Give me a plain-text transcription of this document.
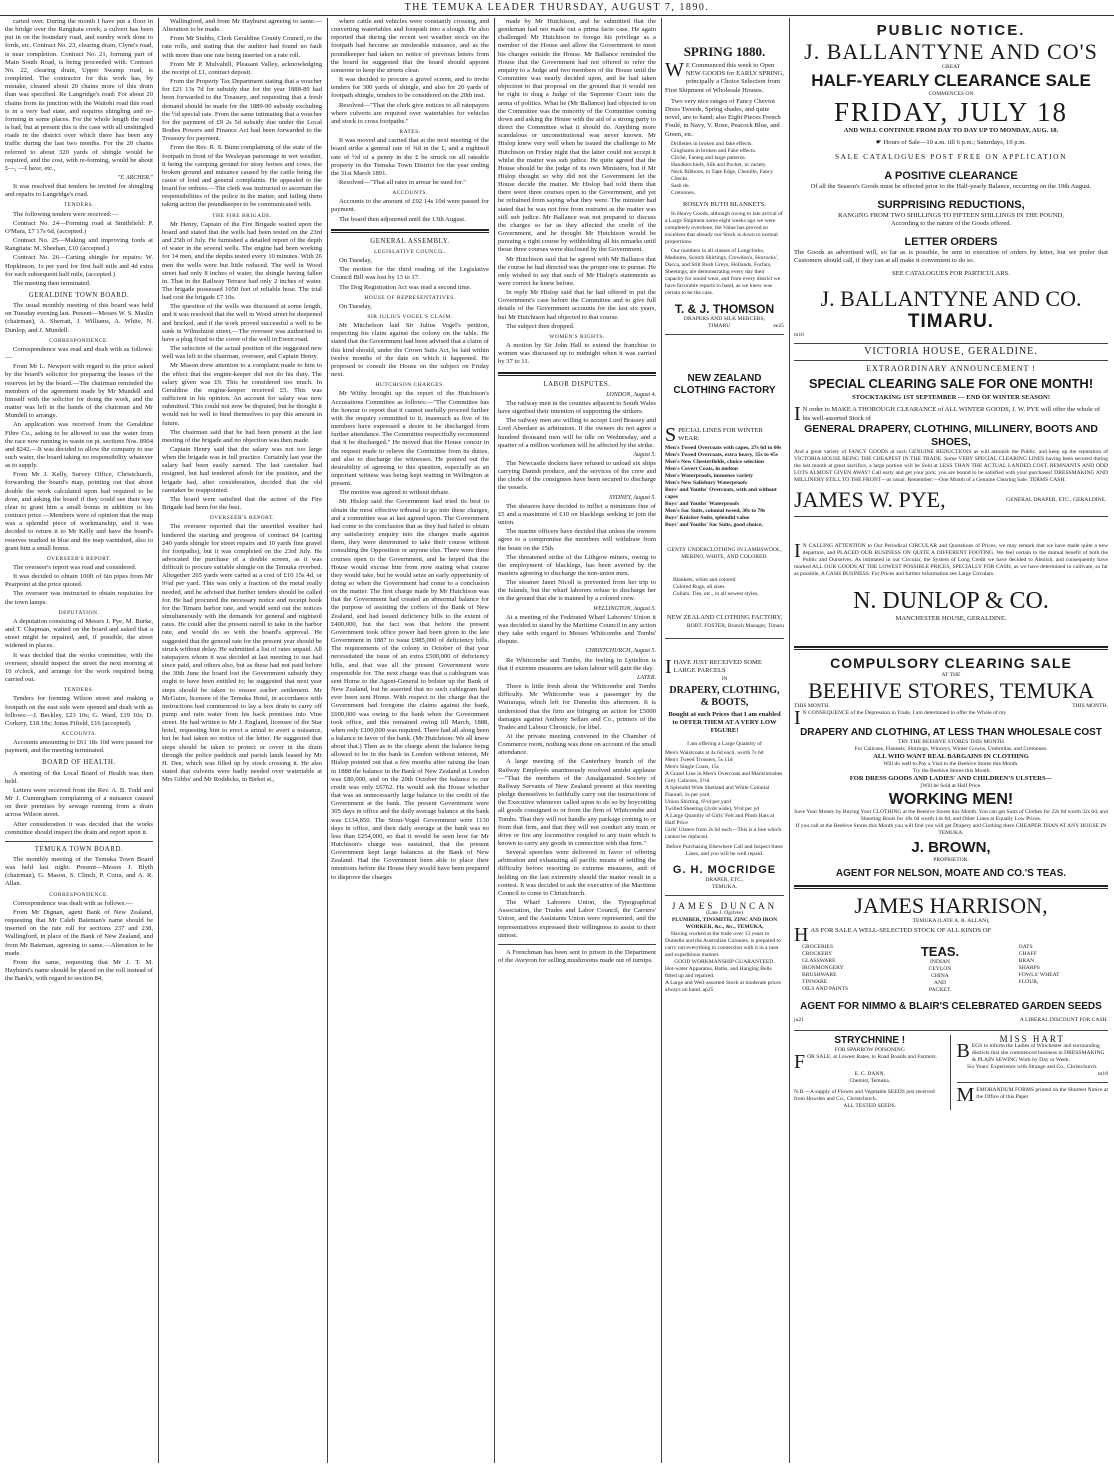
THE TEMUKA LEADER THURSDAY, AUGUST 7, 1890.

carted over. During the month I have put a floor in the bridge over the Rangitata creek, a culvert has been put in on the boundary road, and sundry work done to fords, etc. Contract No. 23, clearing drain, Clyne's road, is near completion. Contract No. 21, forming part of Main South Road, is being proceeded with. Contract No. 22, clearing drain, Upper Swamp road, is completed. The contractor for this work has, by mistake, cleaned about 20 chains more of this drain than was specified. Re Langridge's road: For about 20 chains from its junction with the Waitohi road this road is in a very bad state, and requires shingling and re-forming in some places. For the whole length the road is bad, but at present this is the case with all unshingled roads in the district over which there has been any traffic during the last two months. For the 20 chains referred to about 320 yards of shingle would be required, and the cost, with re-forming, would be about £—, —I have, etc.,

"F. ARCHER."

It was resolved that tenders be invited for shingling and repairs to Langridge's road.

TENDERS.

The following tenders were received:—

Contract No. 24—Forming road at Smithfield: P. O'Mara, £7 17s 6d, (accepted.)

Contract No. 25—Making and improving fords at Rangitata: M. Sheehan, £10 (accepted.)

Contract No. 26—Carting shingle for repairs: W. Hopkinson, 1s per yard for first half mile and 4d extra for each subsequent half mile, (accepted.)

The meeting then terminated.

GERALDINE TOWN BOARD.

The usual monthly meeting of this board was held on Tuesday evening last. Present—Messrs W. S. Maslin (chairman), A. Sherratt, J. Williams, A. White, N. Dunlop, and J. Mundell.

CORRESPONDENCE.

Correspondence was read and dealt with as follows:—

From Mr L. Newport with regard to the price asked by the board's solicitor for preparing the leases of the reserves let by the board.—The chairman reminded the members of the agreement made by Mr Mundell and himself with the solicitor for doing the work, and the matter was left in the hands of the chairman and Mr Mundell to arrange.

An application was received from the Geraldine Fibre Co., asking to be allowed to use the water from the race now running to waste on pt. sections Nos. 8904 and 8242.—It was decided to allow the company to use such water, the board taking no responsibility whatever as to supply.

From Mr J. Kelly, Survey Office, Christchurch, forwarding the board's map, pointing out that about double the work calculated upon had required to be done, and asking the board if they could see their way clear to grant him a small bonus in addition to his contract price.—Members were of opinion that the map was a splendid piece of workmanship, and it was decided to return it to Mr Kelly and have the board's reserves marked in blue and the map varnished, also to grant him a small bonus.

OVERSEER'S REPORT.

The overseer's report was read and considered.

It was decided to obtain 100ft of 6in pipes from Mr Pearpoint at the price quoted.

The overseer was instructed to obtain requisites for the town lamps.

DEPUTATION.

A deputation consisting of Messrs J. Pye, M. Burke, and T. Chapman, waited on the board and asked that a street might be repaired, and, if possible, the street widened in places.

It was decided that the works committee, with the overseer, should inspect the street the next morning at 10 o'clock, and arrange for the work required being carried out.

TENDERS.

Tenders for forming Wilson street and making a footpath on the east side were opened and dealt with as follows:—J. Beckley, £23 10s; G. Ward, £19 10s; D. Corkery, £18 18s; Jonas Fifield, £16 (accepted).

ACCOUNTS.

Accounts amounting to £61 18s 10d were passed for payment, and the meeting terminated.

BOARD OF HEALTH.

A meeting of the Local Board of Health was then held.

Letters were received from the Rev. A. B. Todd and Mr J. Cunningham complaining of a nuisance caused on their premises by sewage running from a drain across Wilson street.

After consideration it was decided that the works committee should inspect the drain and report upon it.

TEMUKA TOWN BOARD.

The monthly meeting of the Temuka Town Board was held last night. Present—Messrs J. Blyth (chairman), G. Mason, S. Clinch, P. Coira, and A. R. Allan.

CORRESPONDENCE.

Correspondence was dealt with as follows:—

From Mr Dignan, agent Bank of New Zealand, requesting that Mr Caleb Bateman's name should be inserted on the rate roll for sections 237 and 238, Wallingford, in place of the Bank of New Zealand, and from Mr Bateman, agreeing to same.—Alteration to be made.

From the same, requesting that Mr J. T. M. Hayhurst's name should be placed on the roll instead of the Bank's, with regard to section 84,

Wallingford, and from Mr Hayhurst agreeing to same.—Alteration to be made.

From Mr Stubbs, Clerk Geraldine County Council, re the rate rolls, and stating that the auditor had found no fault with more than one rate being inserted on a rate roll.

From Mr P. Mulvahill, Pleasant Valley, acknowledging the receipt of £1, contract deposit.

From the Property Tax Department stating that a voucher for £21 13s 7d for subsidy due for the year 1888-89 had been forwarded to the Treasury, and requesting that a fresh demand should be made for the 1889-90 subsidy excluding the ½d special rate. From the same intimating that a voucher for the payment of £9 2s 5d subsidy due under the Local Bodies Powers and Finance Act had been forwarded to the Treasury for payment.

From the Rev. R. S. Bunn complaining of the state of the footpath in front of the Wesleyan parsonage in wet weather, it being the camping ground for stray horses and cows, the broken ground and nuisance caused by the cattle being the cause of loud and general complaints. He appealed to the board for redress.—The clerk was instructed to ascertain the responsibilities of the police in the matter, and failing them taking action the poundkeeper to be communicated with.

THE FIRE BRIGADE.

Mr Henry, Captain of the Fire Brigade waited upon the board and stated that the wells had been tested on the 23rd and 25th of July. He furnished a detailed report of the depth of water in the several wells. The engine had been working for 14 men, and the depths tested every 10 minutes. With 26 men the wells were but little reduced. The well in Wood street had only 8 inches of water, the shingle having fallen in. That in the Railway Terrace had only 2 inches of water. The brigade possessed 1050 feet of reliable hose. The trial had cost the brigade £7 10s.

The question of the wells was discussed at some length, and it was resolved that the well in Wood street be deepened and bricked, and if the work proved successful a well to be sunk in Wilmshurst street,—The overseer was authorised to have a plug fixed to the cover of the well in Ewen road.

The selection of the actual position of the suggested new well was left to the chairman, overseer, and Captain Henry.

Mr Mason drew attention to a complaint made to him to the effect that the engine-keeper did not do his duty. The salary given was £9. This he considered too much. In Geraldine the engine-keeper received £5. This was sufficient in his opinion. An account for salary was now submitted. This could not now be disputed, but he thought it would not be well to bind themselves to pay this amount in future.

The chairman said that he had been present at the last meeting of the brigade and no objection was then made.

Captain Henry said that the salary was not too large when the brigade was in full practice. Certainly last year the salary had been easily earned. The last caretaker had resigned, but had tendered afresh for the position, and the brigade had, after consideration, decided that the old caretaker be reappointed.

The board were satisfied that the action of the Fire Brigade had been for the best.

OVERSEER'S REPORT.

The overseer reported that the unsettled weather had hindered the starting and progress of contract 84 (carting 240 yards shingle for street repairs and 10 yards fine gravel for footpaths), but it was completed on the 23rd July. He advocated the purchase of a double screen, as it was difficult to procure suitable shingle on the Temuka riverbed. Altogether 265 yards were carted at a cost of £10 15s 4d, or 9¼d per yard. This was only a fraction of the metal really needed, and he advised that further tenders should be called for. He had procured the necessary notice and receipt book for the Timaru harbor rate, and would send out the notices simultaneously with the demands for general and nightsoil rates. He could alter the present ratroll to take in the harbor rate, and would do so with the board's approval. He suggested that the general rate for the present year should be struck without delay. He submitted a list of rates unpaid. All ratepayers whom it was decided at last meeting to sue had since paid, and others also, but as these had not paid before the 30th June the board lost the Government subsidy they ought to have been entitled to; he suggested that next year steps should be taken to ensure earlier settlement. Mr McGuire, licensee of the Temuka Hotel, in accordance with instructions had commenced to lay a box drain to carry off pump and rain water from his back premises into Vine street. He had written to Mr J. England, licensee of the Star hotel, requesting him to erect a urinal to avert a nuisance, but he had taken no notice of the letter. He suggested that steps should be taken to protect or cover in the drain through the police paddock and parish lands leased by Mr H. Dee, which was filled up by stock crossing it. He also stated that culverts were badly needed over watertable at Mrs Gibbs' and Mr Roddicks, in Birket st.,

where cattle and vehicles were constantly crossing, and converting watertables and footpath into a slough. He also reported that during the recent wet weather stock on the footpath had become an intolerable nuisance, and as the poundkeeper had taken no notice of previous letters from the board he suggested that the board should appoint someone to keep the streets clear.

It was decided to procure a gravel screen, and to invite tenders for 300 yards of shingle, and also for 20 yards of footpath shingle, tenders to be considered on the 20th inst.

Resolved—"That the clerk give notices to all ratepayers where culverts are required over watertables for vehicles and stock to cross footpaths."

RATES.

It was moved and carried that at the next meeting of the board strike a general rate of ¾d in the £, and a nightsoil rate of ½d of a penny in the £ be struck on all rateable property in the Temuka Town District for the year ending the 31st March 1891.

Resolved—"That all rates in arrear be sued for."

ACCOUNTS.

Accounts to the amount of £92 14s 10d were passed for payment.

The board then adjourned until the 13th August.

GENERAL ASSEMBLY.
LEGISLATIVE COUNCIL.

On Tuesday,

The motion for the third reading of the Legislative Council Bill was lost by 13 to 17.

The Dog Registration Act was read a second time.

HOUSE OF REPRESENTATIVES.

On Tuesday,

SIR JULIUS VOGEL'S CLAIM.

Mr Mitchelson laid Sir Julius Vogel's petition, respecting his claim against the colony on the table. He stated that the Government had been advised that a claim of this kind should, under the Crown Suits Act, be laid within twelve months of the date on which it happened. He proposed to consult the House on the subject on Friday next.

HUTCHISON CHARGES.

Mr Withy brought up the report of the Hutchison's Accusations Committee as follows:—"The Committee has the honour to report that it cannot usefully proceed further with the enquiry committed to it, inasmuch as five of its members have expressed a desire to be discharged from further attendance. The Committee respectfully recommend that it be discharged." He moved that the House concur in the request made to relieve the Committee from its duties, and also to discharge the witnesses. He pointed out the desirability of agreeing to this question, especially as an important witness was being kept waiting in Wellington at present.

The motion was agreed to without debate.

Mr Hislop said the Government had tried its best to obtain the most effective tribunal to go into these charges, and a committee was at last agreed upon. The Government had come to the conclusion that as they had failed to obtain any satisfactory enquiry into the charges made against them, they were determined to take their course without consulting the Opposition or anyone else. There were three courses open to the Government, and he hoped that the House would excuse him from now stating what course they would take, but he would seize an early opportunity of doing so when the Government had come to a conclusion on the matter. The first charge made by Mr Hutchison was that the Government had created an abnormal balance for the purpose of assisting the coffers of the Bank of New Zealand, and had issued deficiency bills to the extent of £400,000, but the fact was that before the present Government took office power had been given to the late Government in 1887 to issue £985,000 of deficiency bills. The requirements of the colony in October of that year necessitated the issue of an extra £500,000 of deficiency bills, and that was all the present Government were responsible for. The next charge was that a cablegram was sent Home to the Agent-General to bolster up the Bank of New Zealand, but he asserted that no such cablegram had ever been sent Home. With respect to the charge that the Government had foregone the claims against the bank, £600,000 was owing to the bank when the Government took office, and this remained owing till March, 1888, when only £100,000 was required. There had all along been a balance in favor of the bank. (Mr Hutchison: We all know about that.) Then as to the charge about the balance being allowed to be in the bank in London without interest, Mr Hislop pointed out that a few months after raising the loan in 1888 the balance in the Bank of New Zealand at London was £80,000, and on the 20th October the balance to our credit was only £6762. He would ask the House whether that was an unnecessarily large balance to the credit of the Government at the bank. The present Government were 305 days in office and the daily average balance at the bank was £134,850. The Stout-Vogel Government were 1130 days in office, and their daily average at the bank was no less than £254,000, so that it would be seen how far Mr Hutchison's charge was sustained, that the present Government kept large balances at the Bank of New Zealand. Had the Government been able to place their intentions before the House they would have been prepared to disprove the charges

made by Mr Hutchison, and he submitted that the gentleman had not made out a prima facie case. He again challenged Mr Hutchison to forego his privilege as a member of the House and allow the Government to meet his charges outside the House. Mr Ballance reminded the House that the Government had not offered to refer the enquiry to a Judge and two members of the House until the Committee was nearly decided upon, and he had taken objection to that proposal on the ground that it would not be right to drag a Judge of the Supreme Court into the arena of politics. What he (Mr Ballance) had objected to on the Committee was the minority of the Committee coming down and asking the House with the aid of a strong party to direct the Committee what it should do. Anything more scandalous or unconstitutional was never known. Mr Hislop knew very well when he issued the challenge to Mr Hutchison on Friday night that the latter could not accept it whilst the matter was sub judice. He quite agreed that the House should be the judge of its own Ministers, but if Mr Hislop thought so why did not the Government let the House decide the matter. Mr Hislop had told them that there were three courses open to the Government, and yet he refrained from saying what they were. The minister had stated that he was not free from restraint as the matter was still sub judice. Mr Ballance was not prepared to discuss the charges so far as they affected the credit of the Government, and he thought Mr Hutchison would be pursuing a right course by withholding all his remarks until those three courses were disclosed by the Government.

Mr Hutchison said that he agreed with Mr Ballance that the course he had directed was the proper one to pursue. He only wished to say that such of Mr Hislop's statements as were correct he knew before.

In reply Mr Hislop said that he had offered to put the Government's case before the Committee and to give full details of the Government accounts for the last six years, but Mr Hutchison had objected to that course.

The subject then dropped.

WOMEN'S RIGHTS.

A motion by Sir John Hall to extend the franchise to women was discussed up to midnight when it was carried by 37 to 11.

LABOR DISPUTES.
LONDON, August 4.

The railway men in the counties adjacent to South Wales have signified their intention of supporting the strikers.

The railway men are willing to accept Lord Brassey and Lord Aberdare as arbitrators. If the owners do not agree a hundred thousand men will be idle on Wednesday, and a quarter of a million workmen will be affected by the strike.

August 5.

The Newcastle dockers have refused to unload six ships carrying Danish produce, and the services of the crew and the clerks of the consignees have been secured to discharge the vessels.

SYDNEY, August 5.

The shearers have decided to inflict a minimum fine of £5 and a maximum of £10 on blacklegs seeking to join the union.

The marine officers have decided that unless the owners agree to a compromise the members will withdraw from the boats on the 15th.

The threatened strike of the Lithgow miners, owing to the employment of blacklegs, has been averted by the masters agreeing to discharge the non-union men.

The steamer Janet Nicoll is prevented from her trip to the Islands, but the wharf laborers refuse to discharge her on the ground that she is manned by a colored crew.

WELLINGTON, August 5.

At a meeting of the Federated Wharf Laborers' Union it was decided to stand by the Maritime Council in any action they take with regard to Messrs Whitcombe and Tombs' dispute.

CHRISTCHURCH, August 5.

Re Whitcombe and Tombs, the feeling in Lyttelton is that if extreme measures are taken labour will gain the day.

LATER.

There is little fresh about the Whitcombe and Tombs difficulty. Mr Whitcombe was a passenger by the Wairarapa, which left for Dunedin this afternoon. It is understood that the firm are bringing an action for £5000 damages against Anthony Sellars and Co., printers of the Trades and Labour Chronicle, for libel.

At the private meeting convened in the Chamber of Commerce room, nothing was done on account of the small attendance.

A large meeting of the Canterbury branch of the Railway Employés unanimously resolved amidst applause—"That the members of the Amalgamated Society of Railway Servants of New Zealand present at this meeting pledge themselves to faithfully carry out the instructions of the Executive whenever called upon to do so by boycotting all goods consigned to or from the firm of Whitcombe and Tombs. That they will not handle any package coming to or from that firm, and that they will not conduct any train or drive or fire any locomotive coupled to any train which is known to carry any goods in connection with that firm."

Several speeches were delivered in favor of offering arbitration and exhausting all pacific means of settling the difficulty before resorting to extreme measures, and of holding on the last extremity should the matter result in a contest. It was decided to ask the executive of the Maritime Council to come to Christchurch.

The Wharf Laborers Union, the Typographical Association, the Trades and Labor Council, the Carriers' Union, and the Assistants Union were represented, and the representatives expressed their willingness to assist to their utmost.

A Frenchman has been sent to prison in the Department of the Aveyron for selling mushrooms made out of turnips.

SPRING 1880.
W E Commenced this week to Open NEW GOODS for EARLY SPRING, principally a Choice Selection from First Shipment of Wholesale Houses.
Two very nice ranges of Fancy Cheviot Dress Tweeds, Spring shades, and quite novel, are to hand; also Eight Pieces French Foulé, in Navy, V. Rose, Peacock Blue, and Green, etc.
Drillettes in broken and fake effects.
Ginghams in broken and Fake effects.
Cliché, Fanteg and large patterns.
Handkerchiefs, Silk and Pocket, in variety.
Neck Ribbons, in Tape Edge, Chenille, Fancy Checks.
Sash do.
Cretonnes,
ROSLYN BUTH BLANKETS.
In Heavy Goods, although owing to late arrival of a Large Shipment some eight weeks ago we were completely overdone, the Value has proved so excellent that already our Stock is down to normal proportions.
Our numbers in all classes of Longcloths, Mediums, Scotch Shirtings, Crewdon's, Horrocks', Dacca, and Stilt Bush Greys, Hollands, Forfars, Sheetings, are demonstrating every day their capacity for sound wear, and from every district we have favorable reports to hand, as we knew was certain to be the case.
T. & J. THOMSON
DRAPERS AND SILK MERCERS,
TIMARU	ee25
NEW ZEALAND CLOTHING FACTORY
SPECIAL LINES FOR WINTER WEAR:
Men's Tweed Overcoats with capes, 27s 6d to 60s
Men's Tweed Overcoats, extra heavy, 35s to 45s
Men's New Chesterfields, choice selection
Men's Covert Coats, in melton
Men's Waterproofs, immense variety
Men's New Salisbury Waterproofs
Boys' and Youths' Overcoats, with and without capes
Boys' and Youths' Waterproofs
Men's Sac Suits, colonial tweed, 30s to 70s
Boys' Knicker Suits, splendid value
Boys' and Youths' Sac Suits, good choice,
GENTS' UNDERCLOTHING IN LAMBSWOOL, MERINO, WHITE, AND COLORED.
Blankets, white and colored
Colored Rugs, all sizes
Collars, Ties, etc., in all newest styles,
NEW ZEALAND CLOTHING FACTORY,
ROBT. FOSTER, Branch Manager, Timaru
IHAVE JUST RECEIVED SOME LARGE PARCELS
IN
DRAPERY, CLOTHING, & BOOTS,
Bought at such Prices that I am enabled to OFFER THEM AT A VERY LOW FIGURE!
I am offering a Large Quantity of
Men's Waistcoats at 4s 6d each, worth 7s 6d
Men's Tweed Trousers, 5s 11d
Men's Single Coats, 15s
A Grand Line in Men's Overcoats and Mackintoshes
Grey Calicoes, 2½d
A Splendid Wide Shetland and White Colonial Flannel, 1s per yard
Union Shirting, 6½d per yard
Twilled Sheeting (2yds wide), 9½d per yd
A Large Quantity of Girls' Felt and Plush Hats at Half Price
Girls' Ulsters from 2s 6d each—This is a line which cannot be replaced.
Before Purchasing Elsewhere Call and Inspect these Lines, and you will be well repaid.
G. H. MOCRIDGE
DRAPER, ETC.,
TEMUKA.
JAMES DUNCAN
(Late J. Ogilvie)
PLUMBER, TINSMITH, ZINC AND IRON WORKER, &c., &c., TEMUKA,
Having worked at the trade over 13 years in Dunedin and the Australian Colonies, is prepared to carry out everything in connection with it in a neat and expeditious manner.
GOOD WORKMANSHIP GUARANTEED.
Hot-water Apparatus, Baths, and Hanging Bells fitted up and repaired.
A Large and Well-assorted Stock at moderate prices always on hand. ap25
PUBLIC NOTICE.
J. BALLANTYNE AND CO'S
GREAT
HALF-YEARLY CLEARANCE SALE
COMMENCES ON
FRIDAY, JULY 18
AND WILL CONTINUE FROM DAY TO DAY UP TO MONDAY, AUG. 18.
☛ Hours of Sale—10 a.m. till 6 p.m.; Saturdays, 10 p.m.
SALE CATALOGUES POST FREE ON APPLICATION
A POSITIVE CLEARANCE
Of all the Season's Goods must be effected prior to the Half-yearly Balance, occurring on the 19th August.
SURPRISING REDUCTIONS,
RANGING FROM TWO SHILLINGS TO FIFTEEN SHILLINGS IN THE POUND,
According to the nature of the Goods offered.
LETTER ORDERS
The Goods as advertised will, so far as is possible, be sent in execution of orders by letter, but we prefer that Customers should call, if they can at all make it convenient to do so.
SEE CATALOGUES FOR PARTICULARS.
J. BALLANTYNE AND CO.
TIMARU.
m16
VICTORIA HOUSE, GERALDINE.
EXTRAORDINARY ANNOUNCEMENT !
SPECIAL CLEARING SALE FOR ONE MONTH!
STOCKTAKING 1ST SEPTEMBER — END OF WINTER SEASON!
I N order to MAKE A THOROUGH CLEARANCE of ALL WINTER GOODS, J. W. PYE will offer the whole of his well-assorted Stock of
GENERAL DRAPERY, CLOTHING, MILLINERY, BOOTS AND SHOES,
And a great variety of FANCY GOODS at such GENUINE REDUCTIONS as will astonish the Public, and keep up the reputation of VICTORIA HOUSE BEING THE CHEAPEST IN THE TRADE. Some VERY SPECIAL CLEARING LINES having been secured during the last month at great sacrifice, a large portion will be Sold at LESS THAN THE ACTUAL LANDED COST. REMNANTS AND ODD LOTS ALMOST GIVEN AWAY! Call early and get your pick; you are bound to be satisfied with your purchases! DRESSMAKING AND MILLINERY STILL TO THE FRONT—as usual. Remember:—One Month of a Genuine Clearing Sale. TERMS CASH.
JAMES W. PYE,	GENERAL DRAPER, ETC., GERALDINE.
I N CALLING ATTENTION to Our Periodical CIRCULAR and Quotations of Prices, we may remark that we have made quite a new departure, and PLACED OUR BUSINESS ON QUITE A DIFFERENT FOOTING. We feel certain to the mutual benefit of both the Public and Ourselves. As intimated in our Circular, the System of Long Credit we have decided to Abolish, and consequently have marked ALL OUR GOODS AT THE LOWEST POSSIBLE PRICES, SPECIALLY FOR CASH, as we have determined to cultivate, so far as possible, A CASH BUSINESS. For Prices and further information see Large Circulars.
N. DUNLOP & CO.
MANCHESTER HOUSE, GERALDINE.
COMPULSORY CLEARING SALE
AT THE
BEEHIVE STORES, TEMUKA
THIS MONTH.	THIS MONTH.
I N CONSEQUENCE of the Depression in Trade, I am determined to offer the Whole of my
DRAPERY AND CLOTHING, AT LESS THAN WHOLESALE COST
TRY THE BEEHIVE STORES THIS MONTH
For Calicoes, Flannels, Shirtings, Winceys, Winter Gowns, Umbrellas, and Cretonnes.
ALL WHO WANT REAL BARGAINS IN CLOTHING
Will do well to Pay a Visit to the Beehive Stores this Month.
Try the Beehive Stores this Month
FOR DRESS GOODS AND LADIES' AND CHILDREN'S ULSTERS—
[Will be Sold at Half Price.
WORKING MEN!
Save Your Money by Buying Your CLOTHING at the Beehive Stores this Month. You can get Suits of Clothes for 22s 6d worth 32s 6d, and Shooting Boots for 10s 6d worth 14s 6d, and Other Lines at Equally Low Prices.
If you call at the Beehive Stores this Month you will find you will get Drapery and Clothing there CHEAPER THAN AT ANY HOUSE IN TEMUKA.
J. BROWN,
PROPRIETOR.
AGENT FOR NELSON, MOATE AND CO.'S TEAS.
JAMES HARRISON,
TEMUKA (LATE A. R. ALLAN),
HAS FOR SALE A WELL-SELECTED STOCK OF ALL KINDS OF
GROCERIES
CROCKERY
GLASSWARE
IRONMONGERY
BRUSHWARE
TINWARE
OILS AND PAINTS
TEAS.
INDIAN
CEYLON
CHINA
AND
PACKET.
OATS
CHAFF
BRAN
SHARPS
FOWLS' WHEAT
FLOUR,
AGENT FOR NIMMO & BLAIR'S CELEBRATED GARDEN SEEDS
ju21	A LIBERAL DISCOUNT FOR CASH.
STRYCHNINE !
FOR SPARROW POISONING
FOR SALE, at Lowest Rates, to Road Boards and Farmers.
E. C. DANN,
Chemist, Temuka.
N.B.—A supply of Flower and Vegetable SEEDS just received from Howden and Co., Christchurch.
ALL TESTED SEEDS.
MISS HART
BEGS to inform the Ladies of Winchester and surrounding districts that she commenced business in DRESSMAKING & PLAIN SEWING Work by Day or Week.
Six Years' Experience with Strange and Co., Christchurch.
m18
MEMORANDUM FORMS printed on the Shortest Notice at the Office of this Paper
